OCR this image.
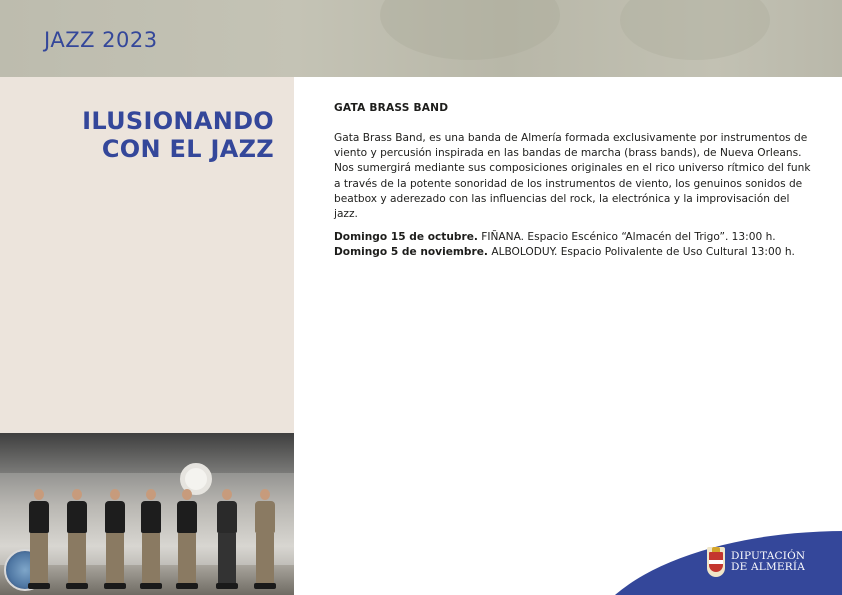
JAZZ 2023
ILUSIONANDO
CON EL JAZZ
GATA BRASS BAND

Gata Brass Band, es una banda de Almería formada exclusivamente por instrumentos de viento y percusión inspirada en las bandas de marcha (brass bands), de Nueva Orleans. Nos sumergirá mediante sus composiciones originales en el rico universo rítmico del funk a través de la potente sonoridad de los instrumentos de viento, los genuinos sonidos de beatbox y aderezado con las influencias del rock, la electrónica y la improvisación del jazz.

Domingo 15 de octubre. FIÑANA. Espacio Escénico “Almacén del Trigo”. 13:00 h.

Domingo 5 de noviembre. ALBOLODUY. Espacio Polivalente de Uso Cultural 13:00 h.

DIPUTACIÓN
DE ALMERÍA
